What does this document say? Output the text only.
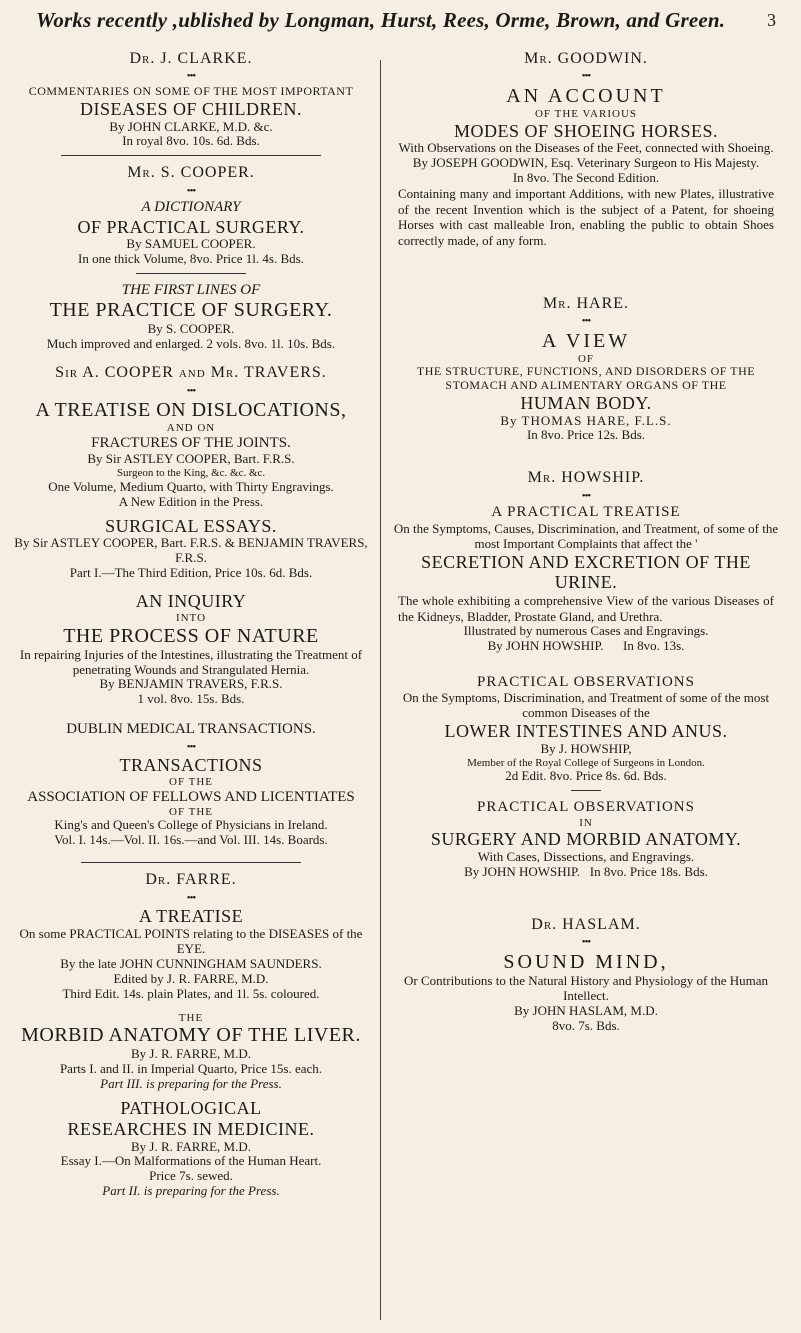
Works recently ,ublished by Longman, Hurst, Rees, Orme, Brown, and Green. 3

Dr. J. CLARKE.

•••

COMMENTARIES ON SOME OF THE MOST IMPORTANT

DISEASES OF CHILDREN.

By JOHN CLARKE, M.D. &c.

In royal 8vo. 10s. 6d. Bds.

Mr. S. COOPER.

•••

A DICTIONARY

OF PRACTICAL SURGERY.

By SAMUEL COOPER.

In one thick Volume, 8vo. Price 1l. 4s. Bds.

THE FIRST LINES OF

THE PRACTICE OF SURGERY.

By S. COOPER.

Much improved and enlarged. 2 vols. 8vo. 1l. 10s. Bds.

Sir A. COOPER and Mr. TRAVERS.

•••

A TREATISE ON DISLOCATIONS,

AND ON

FRACTURES OF THE JOINTS.

By Sir ASTLEY COOPER, Bart. F.R.S.

Surgeon to the King, &c. &c. &c.

One Volume, Medium Quarto, with Thirty Engravings.

A New Edition in the Press.

SURGICAL ESSAYS.

By Sir ASTLEY COOPER, Bart. F.R.S. & BENJAMIN TRAVERS, F.R.S.

Part I.—The Third Edition, Price 10s. 6d. Bds.

AN INQUIRY

INTO

THE PROCESS OF NATURE

In repairing Injuries of the Intestines, illustrating the Treatment of penetrating Wounds and Strangulated Hernia.

By BENJAMIN TRAVERS, F.R.S.

1 vol. 8vo. 15s. Bds.

DUBLIN MEDICAL TRANSACTIONS.

•••

TRANSACTIONS

OF THE

ASSOCIATION OF FELLOWS AND LICENTIATES

OF THE

King's and Queen's College of Physicians in Ireland.

Vol. I. 14s.—Vol. II. 16s.—and Vol. III. 14s. Boards.

Dr. FARRE.

•••

A TREATISE

On some PRACTICAL POINTS relating to the DISEASES of the EYE.

By the late JOHN CUNNINGHAM SAUNDERS.

Edited by J. R. FARRE, M.D.

Third Edit. 14s. plain Plates, and 1l. 5s. coloured.

THE

MORBID ANATOMY OF THE LIVER.

By J. R. FARRE, M.D.

Parts I. and II. in Imperial Quarto, Price 15s. each.

Part III. is preparing for the Press.

PATHOLOGICAL

RESEARCHES IN MEDICINE.

By J. R. FARRE, M.D.

Essay I.—On Malformations of the Human Heart.

Price 7s. sewed.

Part II. is preparing for the Press.

Mr. GOODWIN.

•••

AN ACCOUNT

OF THE VARIOUS

MODES OF SHOEING HORSES.

With Observations on the Diseases of the Feet, connected with Shoeing.

By JOSEPH GOODWIN, Esq. Veterinary Surgeon to His Majesty.

In 8vo. The Second Edition.

Containing many and important Additions, with new Plates, illustrative of the recent Invention which is the subject of a Patent, for shoeing Horses with cast malleable Iron, enabling the public to obtain Shoes correctly made, of any form.

Mr. HARE.

•••

A VIEW

OF

THE STRUCTURE, FUNCTIONS, AND DISORDERS OF THE STOMACH AND ALIMENTARY ORGANS OF THE

HUMAN BODY.

By THOMAS HARE, F.L.S.

In 8vo. Price 12s. Bds.

Mr. HOWSHIP.

•••

A PRACTICAL TREATISE

On the Symptoms, Causes, Discrimination, and Treatment, of some of the most Important Complaints that affect the '

SECRETION AND EXCRETION OF THE URINE.

The whole exhibiting a comprehensive View of the various Diseases of the Kidneys, Bladder, Prostate Gland, and Urethra.

Illustrated by numerous Cases and Engravings.

By JOHN HOWSHIP. In 8vo. 13s.

PRACTICAL OBSERVATIONS

On the Symptoms, Discrimination, and Treatment of some of the most common Diseases of the

LOWER INTESTINES AND ANUS.

By J. HOWSHIP,

Member of the Royal College of Surgeons in London.

2d Edit. 8vo. Price 8s. 6d. Bds.

PRACTICAL OBSERVATIONS

IN

SURGERY AND MORBID ANATOMY.

With Cases, Dissections, and Engravings.

By JOHN HOWSHIP. In 8vo. Price 18s. Bds.

Dr. HASLAM.

•••

SOUND MIND,

Or Contributions to the Natural History and Physiology of the Human Intellect.

By JOHN HASLAM, M.D.

8vo. 7s. Bds.
